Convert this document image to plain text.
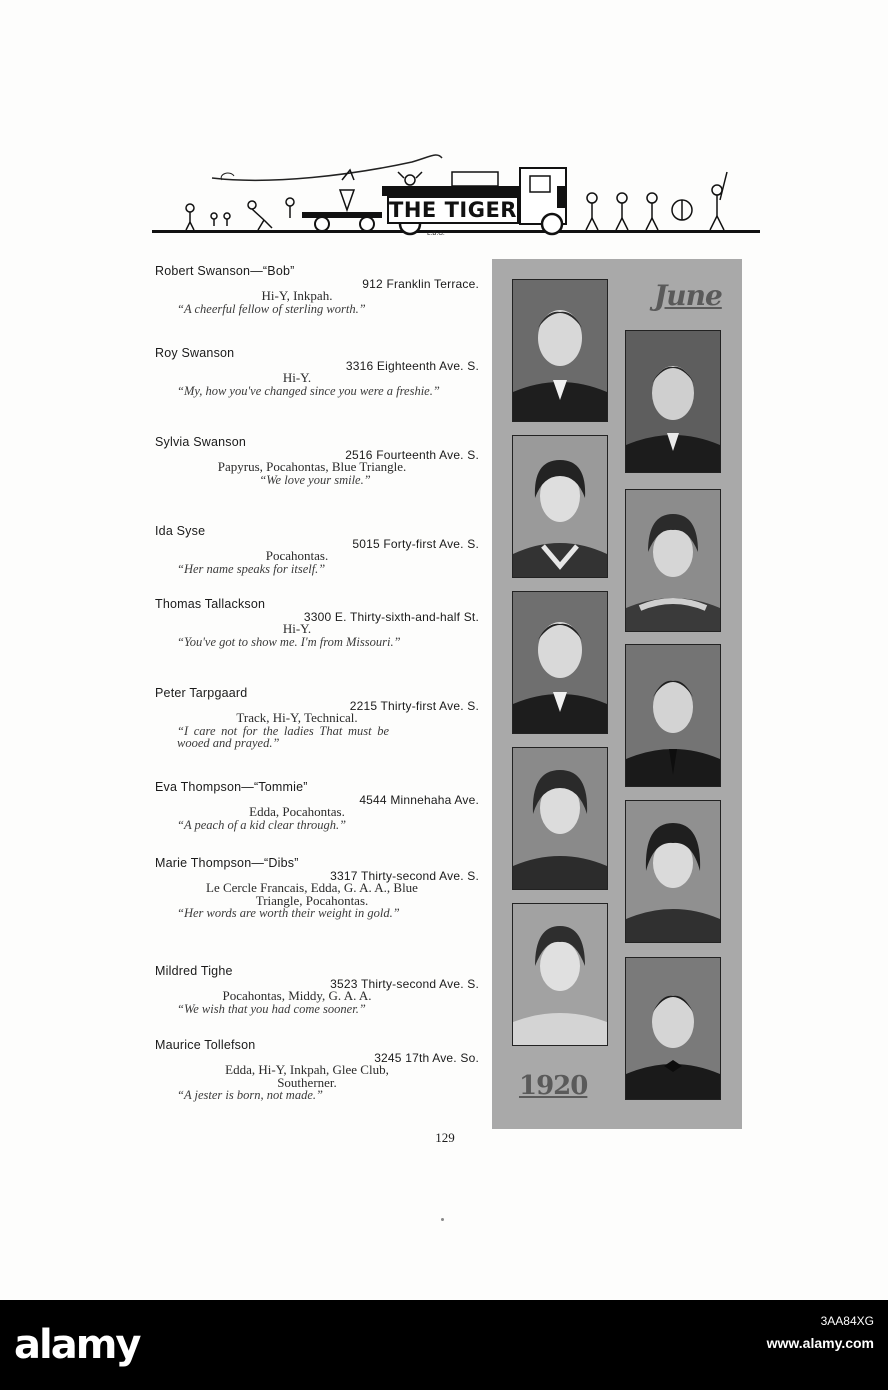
THE TIGER
L.B.G.
Robert Swanson—“Bob”
912 Franklin Terrace.
Hi-Y, Inkpah.
“A cheerful fellow of sterling worth.”
Roy Swanson
3316 Eighteenth Ave. S.
Hi-Y.
“My, how you've changed since you were a freshie.”
Sylvia Swanson
2516 Fourteenth Ave. S.
Papyrus, Pocahontas, Blue Triangle.
“We love your smile.”
Ida Syse
5015 Forty-first Ave. S.
Pocahontas.
“Her name speaks for itself.”
Thomas Tallackson
3300 E. Thirty-sixth-and-half St.
Hi-Y.
“You've got to show me. I'm from Missouri.”
Peter Tarpgaard
2215 Thirty-first Ave. S.
Track, Hi-Y, Technical.
“I care not for the ladies That must be wooed and prayed.”
Eva Thompson—“Tommie”
4544 Minnehaha Ave.
Edda, Pocahontas.
“A peach of a kid clear through.”
Marie Thompson—“Dibs”
3317 Thirty-second Ave. S.
Le Cercle Francais, Edda, G. A. A., Blue Triangle, Pocahontas.
“Her words are worth their weight in gold.”
Mildred Tighe
3523 Thirty-second Ave. S.
Pocahontas, Middy, G. A. A.
“We wish that you had come sooner.”
Maurice Tollefson
3245 17th Ave. So.
Edda, Hi-Y, Inkpah, Glee Club, Southerner.
“A jester is born, not made.”
June
1920
129
alamy
3AA84XG
www.alamy.com
